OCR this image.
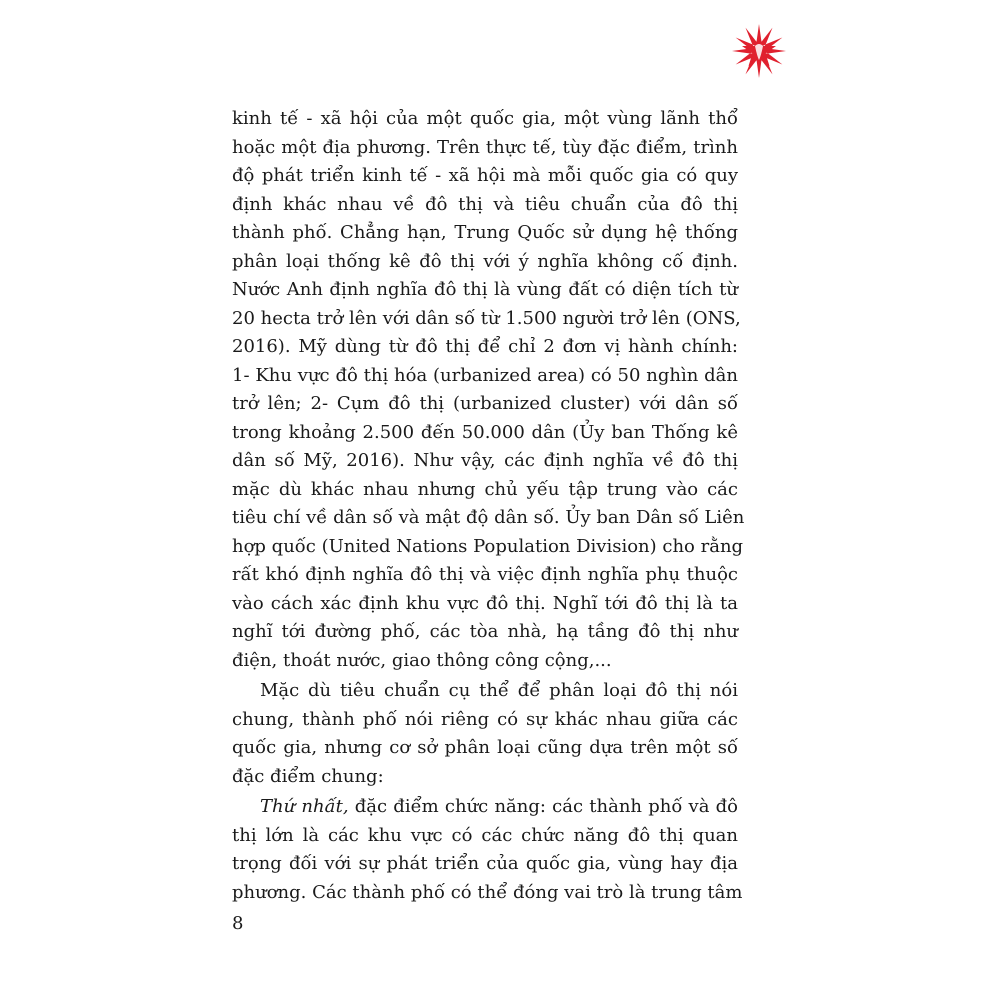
kinh tế - xã hội của một quốc gia, một vùng lãnh thổ
hoặc một địa phương. Trên thực tế, tùy đặc điểm, trình
độ phát triển kinh tế - xã hội mà mỗi quốc gia có quy
định khác nhau về đô thị và tiêu chuẩn của đô thị
thành phố. Chẳng hạn, Trung Quốc sử dụng hệ thống
phân loại thống kê đô thị với ý nghĩa không cố định.
Nước Anh định nghĩa đô thị là vùng đất có diện tích từ
20 hecta trở lên với dân số từ 1.500 người trở lên (ONS,
2016). Mỹ dùng từ đô thị để chỉ 2 đơn vị hành chính:
1- Khu vực đô thị hóa (urbanized area) có 50 nghìn dân
trở lên; 2- Cụm đô thị (urbanized cluster) với dân số
trong khoảng 2.500 đến 50.000 dân (Ủy ban Thống kê
dân số Mỹ, 2016). Như vậy, các định nghĩa về đô thị
mặc dù khác nhau nhưng chủ yếu tập trung vào các
tiêu chí về dân số và mật độ dân số. Ủy ban Dân số Liên
hợp quốc (United Nations Population Division) cho rằng
rất khó định nghĩa đô thị và việc định nghĩa phụ thuộc
vào cách xác định khu vực đô thị. Nghĩ tới đô thị là ta
nghĩ tới đường phố, các tòa nhà, hạ tầng đô thị như
điện, thoát nước, giao thông công cộng,...
Mặc dù tiêu chuẩn cụ thể để phân loại đô thị nói
chung, thành phố nói riêng có sự khác nhau giữa các
quốc gia, nhưng cơ sở phân loại cũng dựa trên một số
đặc điểm chung:
Thứ nhất, đặc điểm chức năng: các thành phố và đô
thị lớn là các khu vực có các chức năng đô thị quan
trọng đối với sự phát triển của quốc gia, vùng hay địa
phương. Các thành phố có thể đóng vai trò là trung tâm
8
